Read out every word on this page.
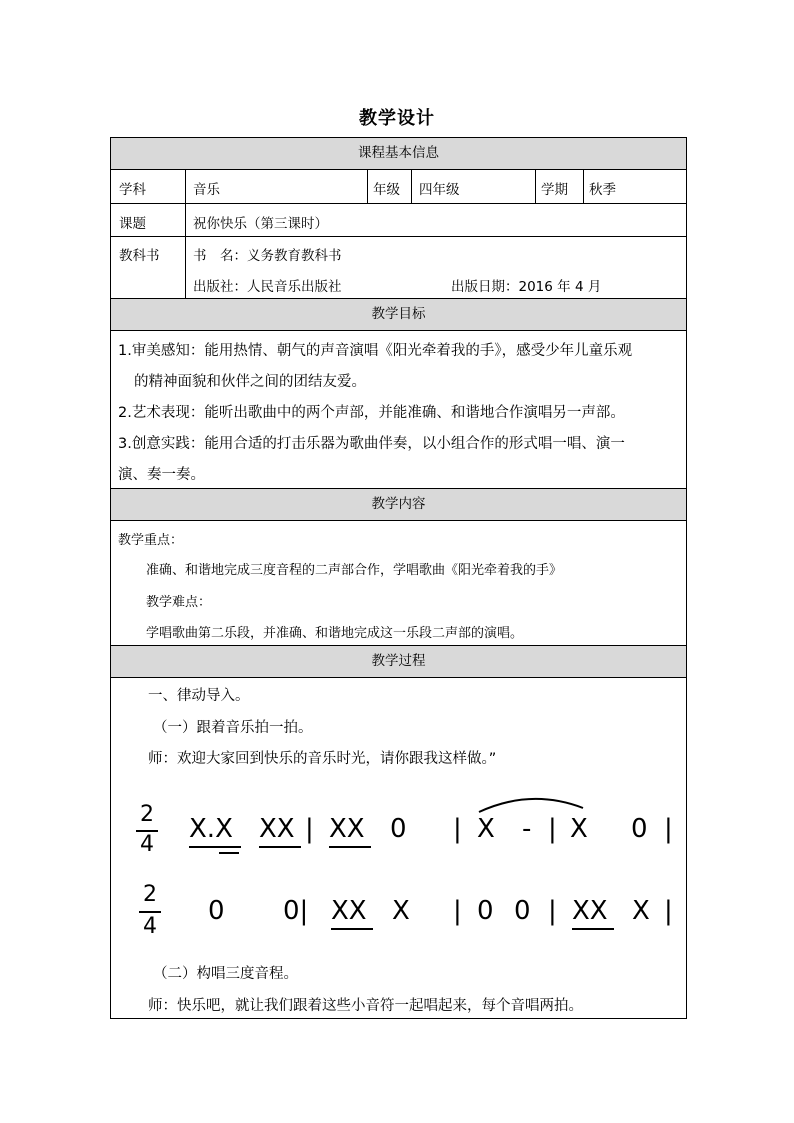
教学设计
课程基本信息
学科	音乐	年级 四年级	学期 秋季
课题	祝你快乐（第三课时）
教科书 书　名：义务教育教科书
出版社：人民音乐出版社	出版日期：2016 年 4 月
教学目标
1.审美感知：能用热情、朝气的声音演唱《阳光牵着我的手》，感受少年儿童乐观
的精神面貌和伙伴之间的团结友爱。
2.艺术表现：能听出歌曲中的两个声部，并能准确、和谐地合作演唱另一声部。
3.创意实践：能用合适的打击乐器为歌曲伴奏，以小组合作的形式唱一唱、演一
演、奏一奏。
教学内容
教学重点：
准确、和谐地完成三度音程的二声部合作，学唱歌曲《阳光牵着我的手》
教学难点：
学唱歌曲第二乐段，并准确、和谐地完成这一乐段二声部的演唱。
教学过程
一、律动导入。
（一）跟着音乐拍一拍。
师：欢迎大家回到快乐的音乐时光，请你跟我这样做。”
2
4
X.X XX | XX 0 | X - | X 0 |
2
4
0 0| XX X | 0 0 | XX X |
（二）构唱三度音程。
师：快乐吧，就让我们跟着这些小音符一起唱起来，每个音唱两拍。
